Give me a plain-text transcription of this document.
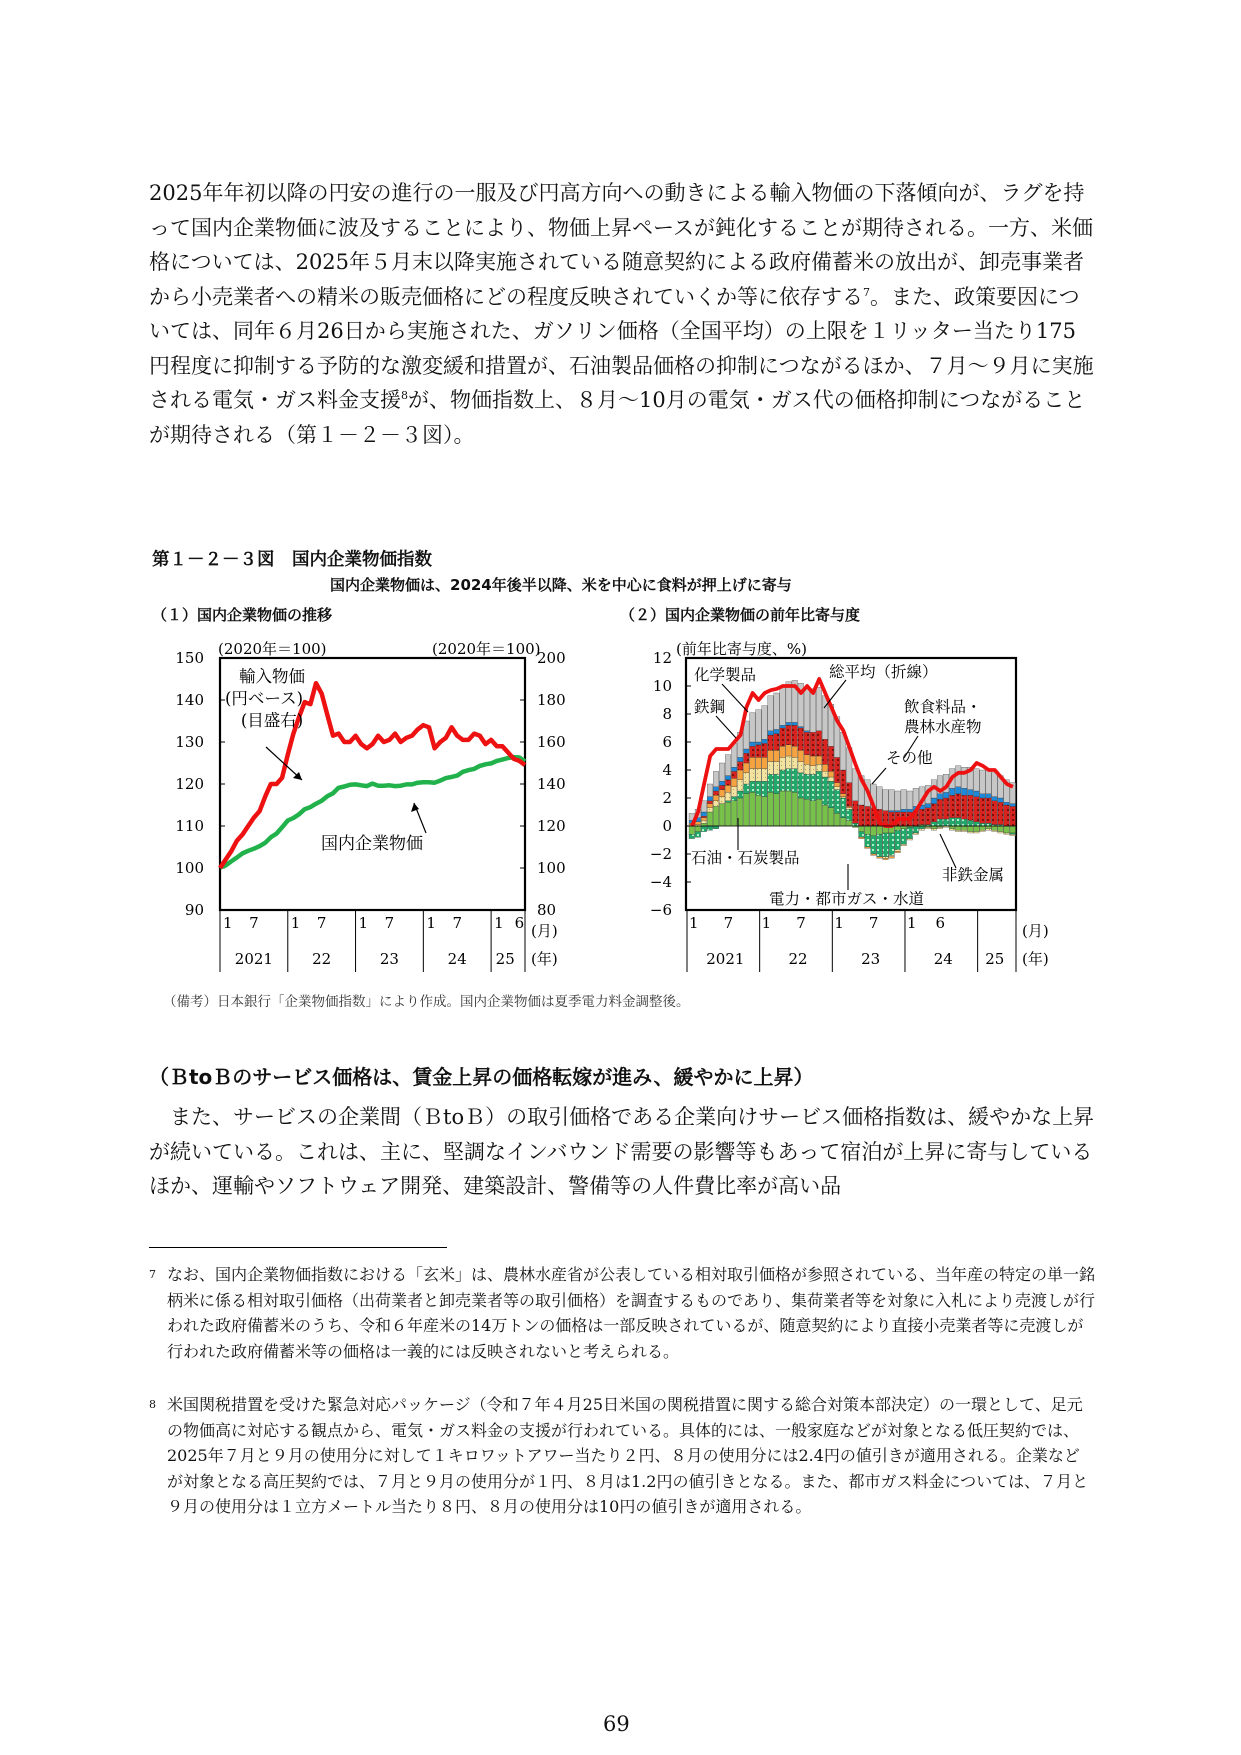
2025年年初以降の円安の進行の一服及び円高方向への動きによる輸入物価の下落傾向が、ラグを持って国内企業物価に波及することにより、物価上昇ペースが鈍化することが期待される。一方、米価格については、2025年５月末以降実施されている随意契約による政府備蓄米の放出が、卸売事業者から小売業者への精米の販売価格にどの程度反映されていくか等に依存する$^7$。また、政策要因については、同年６月26日から実施された、ガソリン価格（全国平均）の上限を１リッター当たり175円程度に抑制する予防的な激変緩和措置が、石油製品価格の抑制につながるほか、７月～９月に実施される電気・ガス料金支援$^8$が、物価指数上、８月～10月の電気・ガス代の価格抑制につながることが期待される（第１－２－３図）。

第１－２－３図　国内企業物価指数
国内企業物価は、2024年後半以降、米を中心に食料が押上げに寄与
（１）国内企業物価の推移	（２）国内企業物価の前年比寄与度
(2020年＝100)	(2020年＝100)
150
140
130
120
110
100
90
200
180
160
140
120
100
80
1 7 1 7 1 7 1 7 1 6
2021	22	23	24 25
(月)
(年)
輸入物価
(円ベース)
(目盛右)
国内企業物価
(前年比寄与度、%)
12
10
8
6
4
2
0
−2
−4
−6
1 7 1 7 1 7 1 6
2021	22	23	24 25
(月)
(年)
化学製品	総平均（折線）
鉄鋼	飲食料品・
農林水産物
その他
石油・石炭製品
非鉄金属
電力・都市ガス・水道
（備考）日本銀行「企業物価指数」により作成。国内企業物価は夏季電力料金調整後。
（ＢtoＢのサービス価格は、賃金上昇の価格転嫁が進み、緩やかに上昇）

また、サービスの企業間（ＢtoＢ）の取引価格である企業向けサービス価格指数は、緩やかな上昇が続いている。これは、主に、堅調なインバウンド需要の影響等もあって宿泊が上昇に寄与しているほか、運輸やソフトウェア開発、建築設計、警備等の人件費比率が高い品

7 なお、国内企業物価指数における「玄米」は、農林水産省が公表している相対取引価格が参照されている、当年産の特定の単一銘柄米に係る相対取引価格（出荷業者と卸売業者等の取引価格）を調査するものであり、集荷業者等を対象に入札により売渡しが行われた政府備蓄米のうち、令和６年産米の14万トンの価格は一部反映されているが、随意契約により直接小売業者等に売渡しが行われた政府備蓄米等の価格は一義的には反映されないと考えられる。
8 米国関税措置を受けた緊急対応パッケージ（令和７年４月25日米国の関税措置に関する総合対策本部決定）の一環として、足元の物価高に対応する観点から、電気・ガス料金の支援が行われている。具体的には、一般家庭などが対象となる低圧契約では、2025年７月と９月の使用分に対して１キロワットアワー当たり２円、８月の使用分には2.4円の値引きが適用される。企業などが対象となる高圧契約では、７月と９月の使用分が１円、８月は1.2円の値引きとなる。また、都市ガス料金については、７月と９月の使用分は１立方メートル当たり８円、８月の使用分は10円の値引きが適用される。
69
